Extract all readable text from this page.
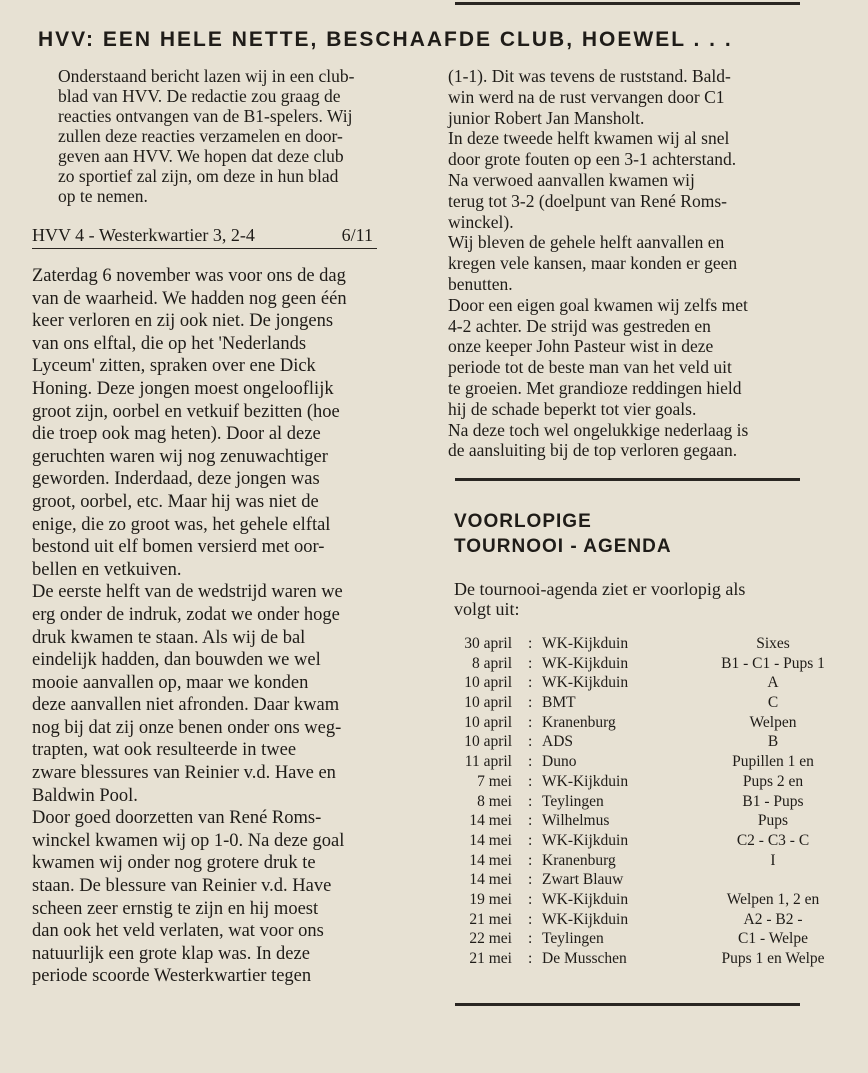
HVV: EEN HELE NETTE, BESCHAAFDE CLUB, HOEWEL . . .
Onderstaand bericht lazen wij in een club-
blad van HVV. De redactie zou graag de
reacties ontvangen van de B1-spelers. Wij
zullen deze reacties verzamelen en door-
geven aan HVV. We hopen dat deze club
zo sportief zal zijn, om deze in hun blad
op te nemen.
HVV 4 - Westerkwartier 3, 2-4	6/11
Zaterdag 6 november was voor ons de dag
van de waarheid. We hadden nog geen één
keer verloren en zij ook niet. De jongens
van ons elftal, die op het 'Nederlands
Lyceum' zitten, spraken over ene Dick
Honing. Deze jongen moest ongelooflijk
groot zijn, oorbel en vetkuif bezitten (hoe
die troep ook mag heten). Door al deze
geruchten waren wij nog zenuwachtiger
geworden. Inderdaad, deze jongen was
groot, oorbel, etc. Maar hij was niet de
enige, die zo groot was, het gehele elftal
bestond uit elf bomen versierd met oor-
bellen en vetkuiven.
De eerste helft van de wedstrijd waren we
erg onder de indruk, zodat we onder hoge
druk kwamen te staan. Als wij de bal
eindelijk hadden, dan bouwden we wel
mooie aanvallen op, maar we konden
deze aanvallen niet afronden. Daar kwam
nog bij dat zij onze benen onder ons weg-
trapten, wat ook resulteerde in twee
zware blessures van Reinier v.d. Have en
Baldwin Pool.
Door goed doorzetten van René Roms-
winckel kwamen wij op 1-0. Na deze goal
kwamen wij onder nog grotere druk te
staan. De blessure van Reinier v.d. Have
scheen zeer ernstig te zijn en hij moest
dan ook het veld verlaten, wat voor ons
natuurlijk een grote klap was. In deze
periode scoorde Westerkwartier tegen
(1-1). Dit was tevens de ruststand. Bald-
win werd na de rust vervangen door C1
junior Robert Jan Mansholt.
In deze tweede helft kwamen wij al snel
door grote fouten op een 3-1 achterstand.
Na verwoed aanvallen kwamen wij
terug tot 3-2 (doelpunt van René Roms-
winckel).
Wij bleven de gehele helft aanvallen en
kregen vele kansen, maar konden er geen
benutten.
Door een eigen goal kwamen wij zelfs met
4-2 achter. De strijd was gestreden en
onze keeper John Pasteur wist in deze
periode tot de beste man van het veld uit
te groeien. Met grandioze reddingen hield
hij de schade beperkt tot vier goals.
Na deze toch wel ongelukkige nederlaag is
de aansluiting bij de top verloren gegaan.
VOORLOPIGE
TOURNOOI - AGENDA
De tournooi-agenda ziet er voorlopig als
volgt uit:
30 april : WK-Kijkduin	Sixes
8 april : WK-Kijkduin	B1 - C1 - Pups 1
10 april : WK-Kijkduin	A
10 april : BMT	C
10 april : Kranenburg	Welpen
10 april : ADS	B
11 april : Duno	Pupillen 1 en
7 mei : WK-Kijkduin	Pups 2 en
8 mei : Teylingen	B1 - Pups
14 mei : Wilhelmus	Pups
14 mei : WK-Kijkduin	C2 - C3 - C
14 mei : Kranenburg	I
14 mei : Zwart Blauw
19 mei : WK-Kijkduin	Welpen 1, 2 en
21 mei : WK-Kijkduin	A2 - B2 -
22 mei : Teylingen	C1 - Welpe
21 mei : De Musschen	Pups 1 en Welpe
